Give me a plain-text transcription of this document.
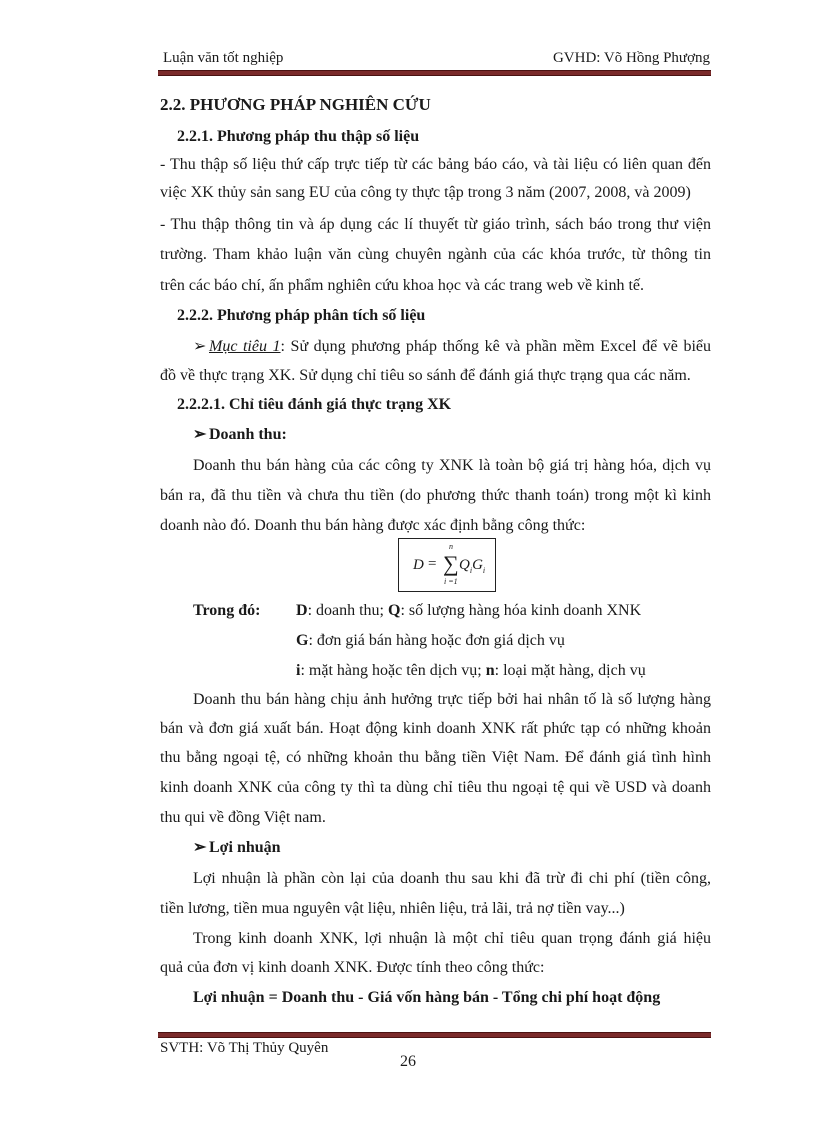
Luận văn tốt nghiệp	GVHD: Võ Hồng Phượng
2.2. PHƯƠNG PHÁP NGHIÊN CỨU
2.2.1. Phương pháp thu thập số liệu
- Thu thập số liệu thứ cấp trực tiếp từ các bảng báo cáo, và tài liệu có liên quan đến
việc XK thủy sản sang EU của công ty thực tập trong 3 năm (2007, 2008, và 2009)
- Thu thập thông tin và áp dụng các lí thuyết từ giáo trình, sách báo trong thư viện
trường. Tham khảo luận văn cùng chuyên ngành của các khóa trước, từ thông tin
trên các báo chí, ấn phẩm nghiên cứu khoa học và các trang web về kinh tế.
2.2.2. Phương pháp phân tích số liệu
➢ Mục tiêu 1: Sử dụng phương pháp thống kê và phần mềm Excel để vẽ biểu
đồ về thực trạng XK. Sử dụng chỉ tiêu so sánh để đánh giá thực trạng qua các năm.
2.2.2.1. Chỉ tiêu đánh giá thực trạng XK
➢ Doanh thu:
Doanh thu bán hàng của các công ty XNK là toàn bộ giá trị hàng hóa, dịch vụ
bán ra, đã thu tiền và chưa thu tiền (do phương thức thanh toán) trong một kì kinh
doanh nào đó. Doanh thu bán hàng được xác định bằng công thức:
D =
n
∑
i =1
$Q_iG_i$
Trong đó: D: doanh thu; Q: số lượng hàng hóa kinh doanh XNK
G: đơn giá bán hàng hoặc đơn giá dịch vụ
i: mặt hàng hoặc tên dịch vụ; n: loại mặt hàng, dịch vụ
Doanh thu bán hàng chịu ảnh hưởng trực tiếp bởi hai nhân tố là số lượng hàng
bán và đơn giá xuất bán. Hoạt động kinh doanh XNK rất phức tạp có những khoản
thu bằng ngoại tệ, có những khoản thu bằng tiền Việt Nam. Để đánh giá tình hình
kinh doanh XNK của công ty thì ta dùng chỉ tiêu thu ngoại tệ qui về USD và doanh
thu qui về đồng Việt nam.
➢ Lợi nhuận
Lợi nhuận là phần còn lại của doanh thu sau khi đã trừ đi chi phí (tiền công,
tiền lương, tiền mua nguyên vật liệu, nhiên liệu, trả lãi, trả nợ tiền vay...)
Trong kinh doanh XNK, lợi nhuận là một chỉ tiêu quan trọng đánh giá hiệu
quả của đơn vị kinh doanh XNK. Được tính theo công thức:
Lợi nhuận = Doanh thu - Giá vốn hàng bán - Tổng chi phí hoạt động
SVTH: Võ Thị Thủy Quyên
26
